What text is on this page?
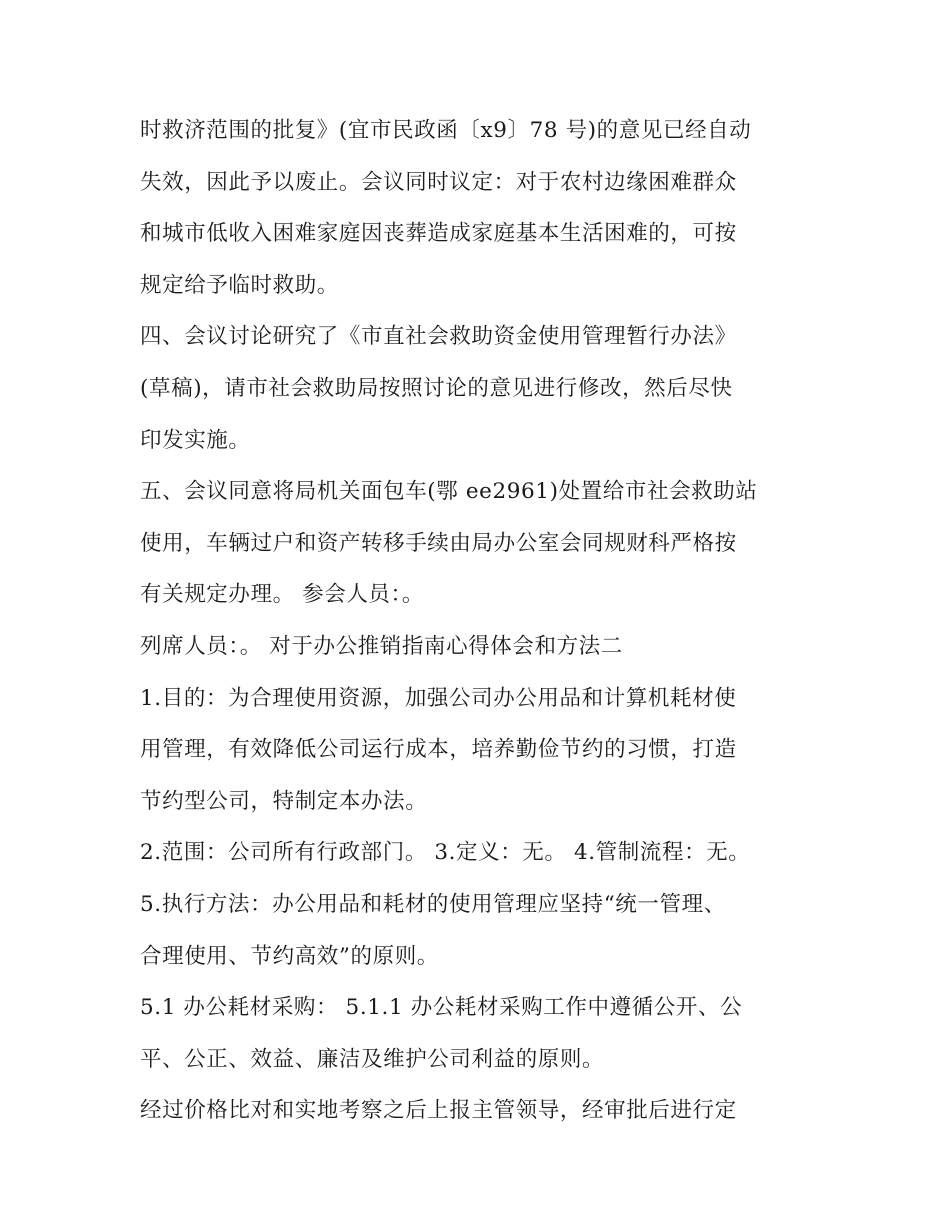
时救济范围的批复》(宜市民政函〔x9〕78 号)的意见已经自动
失效，因此予以废止。会议同时议定：对于农村边缘困难群众
和城市低收入困难家庭因丧葬造成家庭基本生活困难的，可按
规定给予临时救助。
四、会议讨论研究了《市直社会救助资金使用管理暂行办法》
(草稿)，请市社会救助局按照讨论的意见进行修改，然后尽快
印发实施。
五、会议同意将局机关面包车(鄂 ee2961)处置给市社会救助站
使用，车辆过户和资产转移手续由局办公室会同规财科严格按
有关规定办理。 参会人员：。
列席人员：。 对于办公推销指南心得体会和方法二
1.目的：为合理使用资源，加强公司办公用品和计算机耗材使
用管理，有效降低公司运行成本，培养勤俭节约的习惯，打造
节约型公司，特制定本办法。
2.范围：公司所有行政部门。 3.定义：无。 4.管制流程：无。
5.执行方法：办公用品和耗材的使用管理应坚持“统一管理、
合理使用、节约高效”的原则。
5.1 办公耗材采购： 5.1.1 办公耗材采购工作中遵循公开、公
平、公正、效益、廉洁及维护公司利益的原则。
经过价格比对和实地考察之后上报主管领导，经审批后进行定
